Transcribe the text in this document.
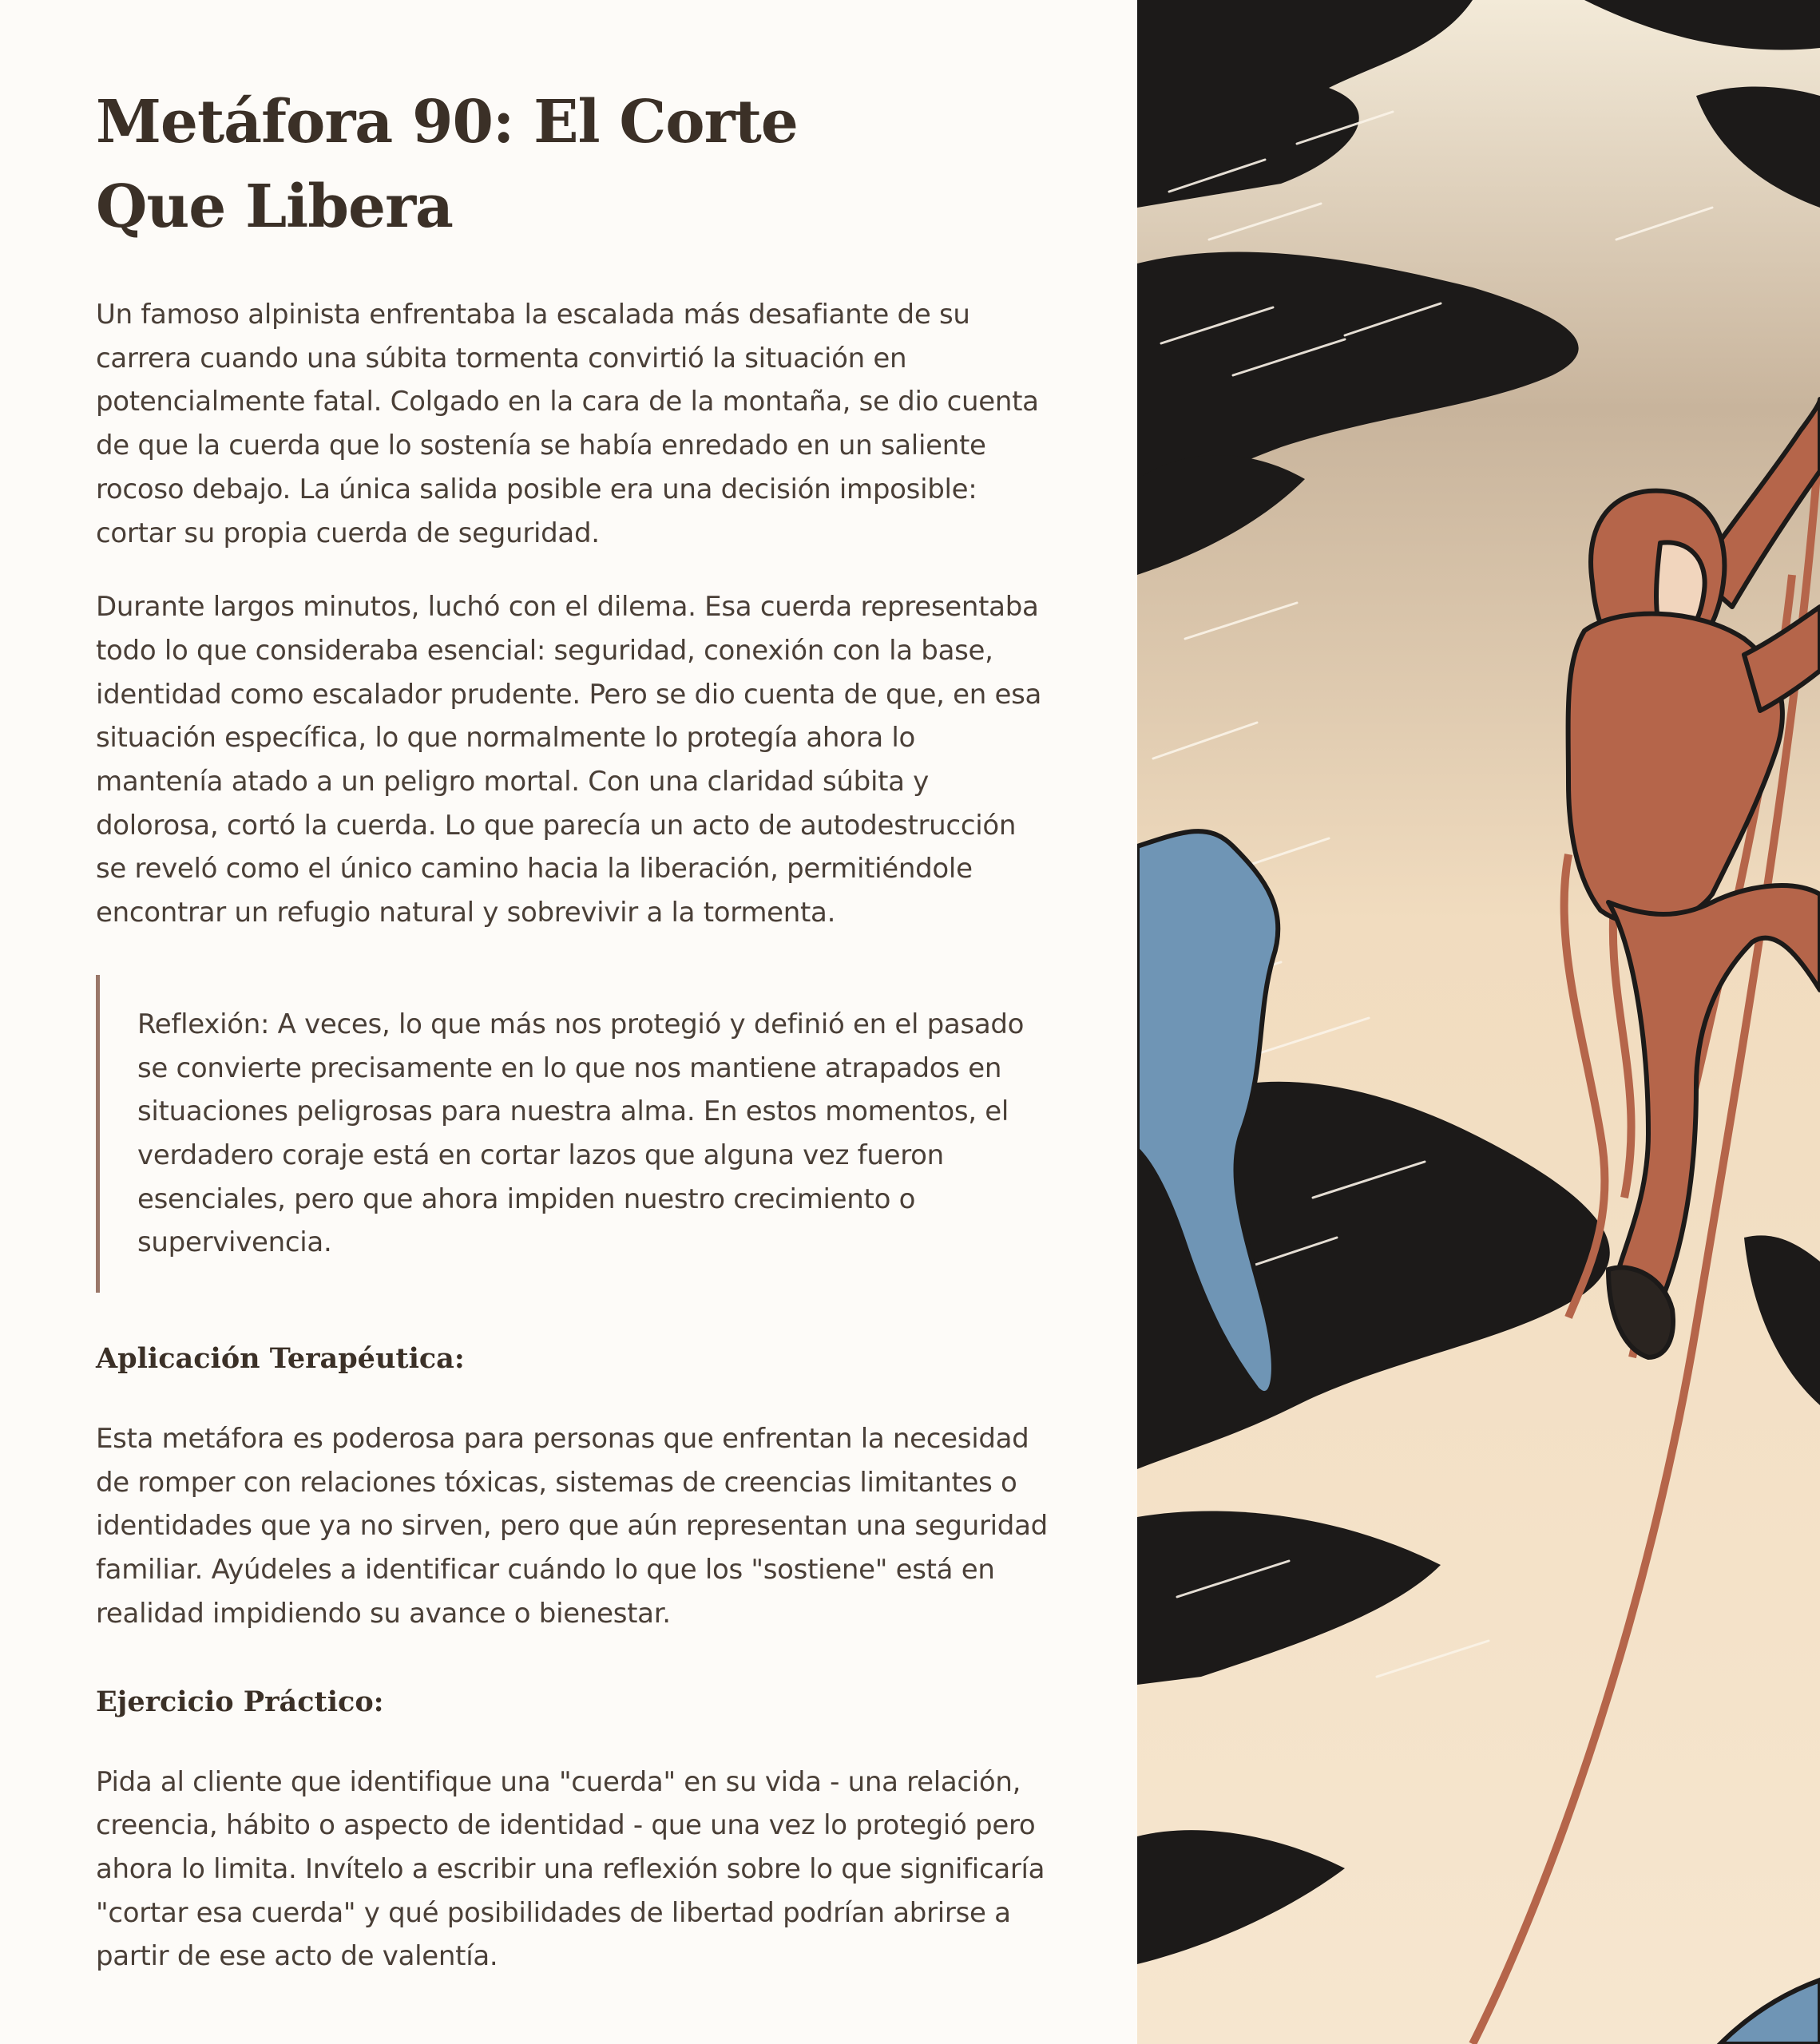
Metáfora 90: El Corte Que Libera

Un famoso alpinista enfrentaba la escalada más desafiante de su carrera cuando una súbita tormenta convirtió la situación en potencialmente fatal. Colgado en la cara de la montaña, se dio cuenta de que la cuerda que lo sostenía se había enredado en un saliente rocoso debajo. La única salida posible era una decisión imposible: cortar su propia cuerda de seguridad.

Durante largos minutos, luchó con el dilema. Esa cuerda representaba todo lo que consideraba esencial: seguridad, conexión con la base, identidad como escalador prudente. Pero se dio cuenta de que, en esa situación específica, lo que normalmente lo protegía ahora lo mantenía atado a un peligro mortal. Con una claridad súbita y dolorosa, cortó la cuerda. Lo que parecía un acto de autodestrucción se reveló como el único camino hacia la liberación, permitiéndole encontrar un refugio natural y sobrevivir a la tormenta.

Reflexión: A veces, lo que más nos protegió y definió en el pasado se convierte precisamente en lo que nos mantiene atrapados en situaciones peligrosas para nuestra alma. En estos momentos, el verdadero coraje está en cortar lazos que alguna vez fueron esenciales, pero que ahora impiden nuestro crecimiento o supervivencia.

Aplicación Terapéutica:

Esta metáfora es poderosa para personas que enfrentan la necesidad de romper con relaciones tóxicas, sistemas de creencias limitantes o identidades que ya no sirven, pero que aún representan una seguridad familiar. Ayúdeles a identificar cuándo lo que los "sostiene" está en realidad impidiendo su avance o bienestar.

Ejercicio Práctico:

Pida al cliente que identifique una "cuerda" en su vida - una relación, creencia, hábito o aspecto de identidad - que una vez lo protegió pero ahora lo limita. Invítelo a escribir una reflexión sobre lo que significaría "cortar esa cuerda" y qué posibilidades de libertad podrían abrirse a partir de ese acto de valentía.
